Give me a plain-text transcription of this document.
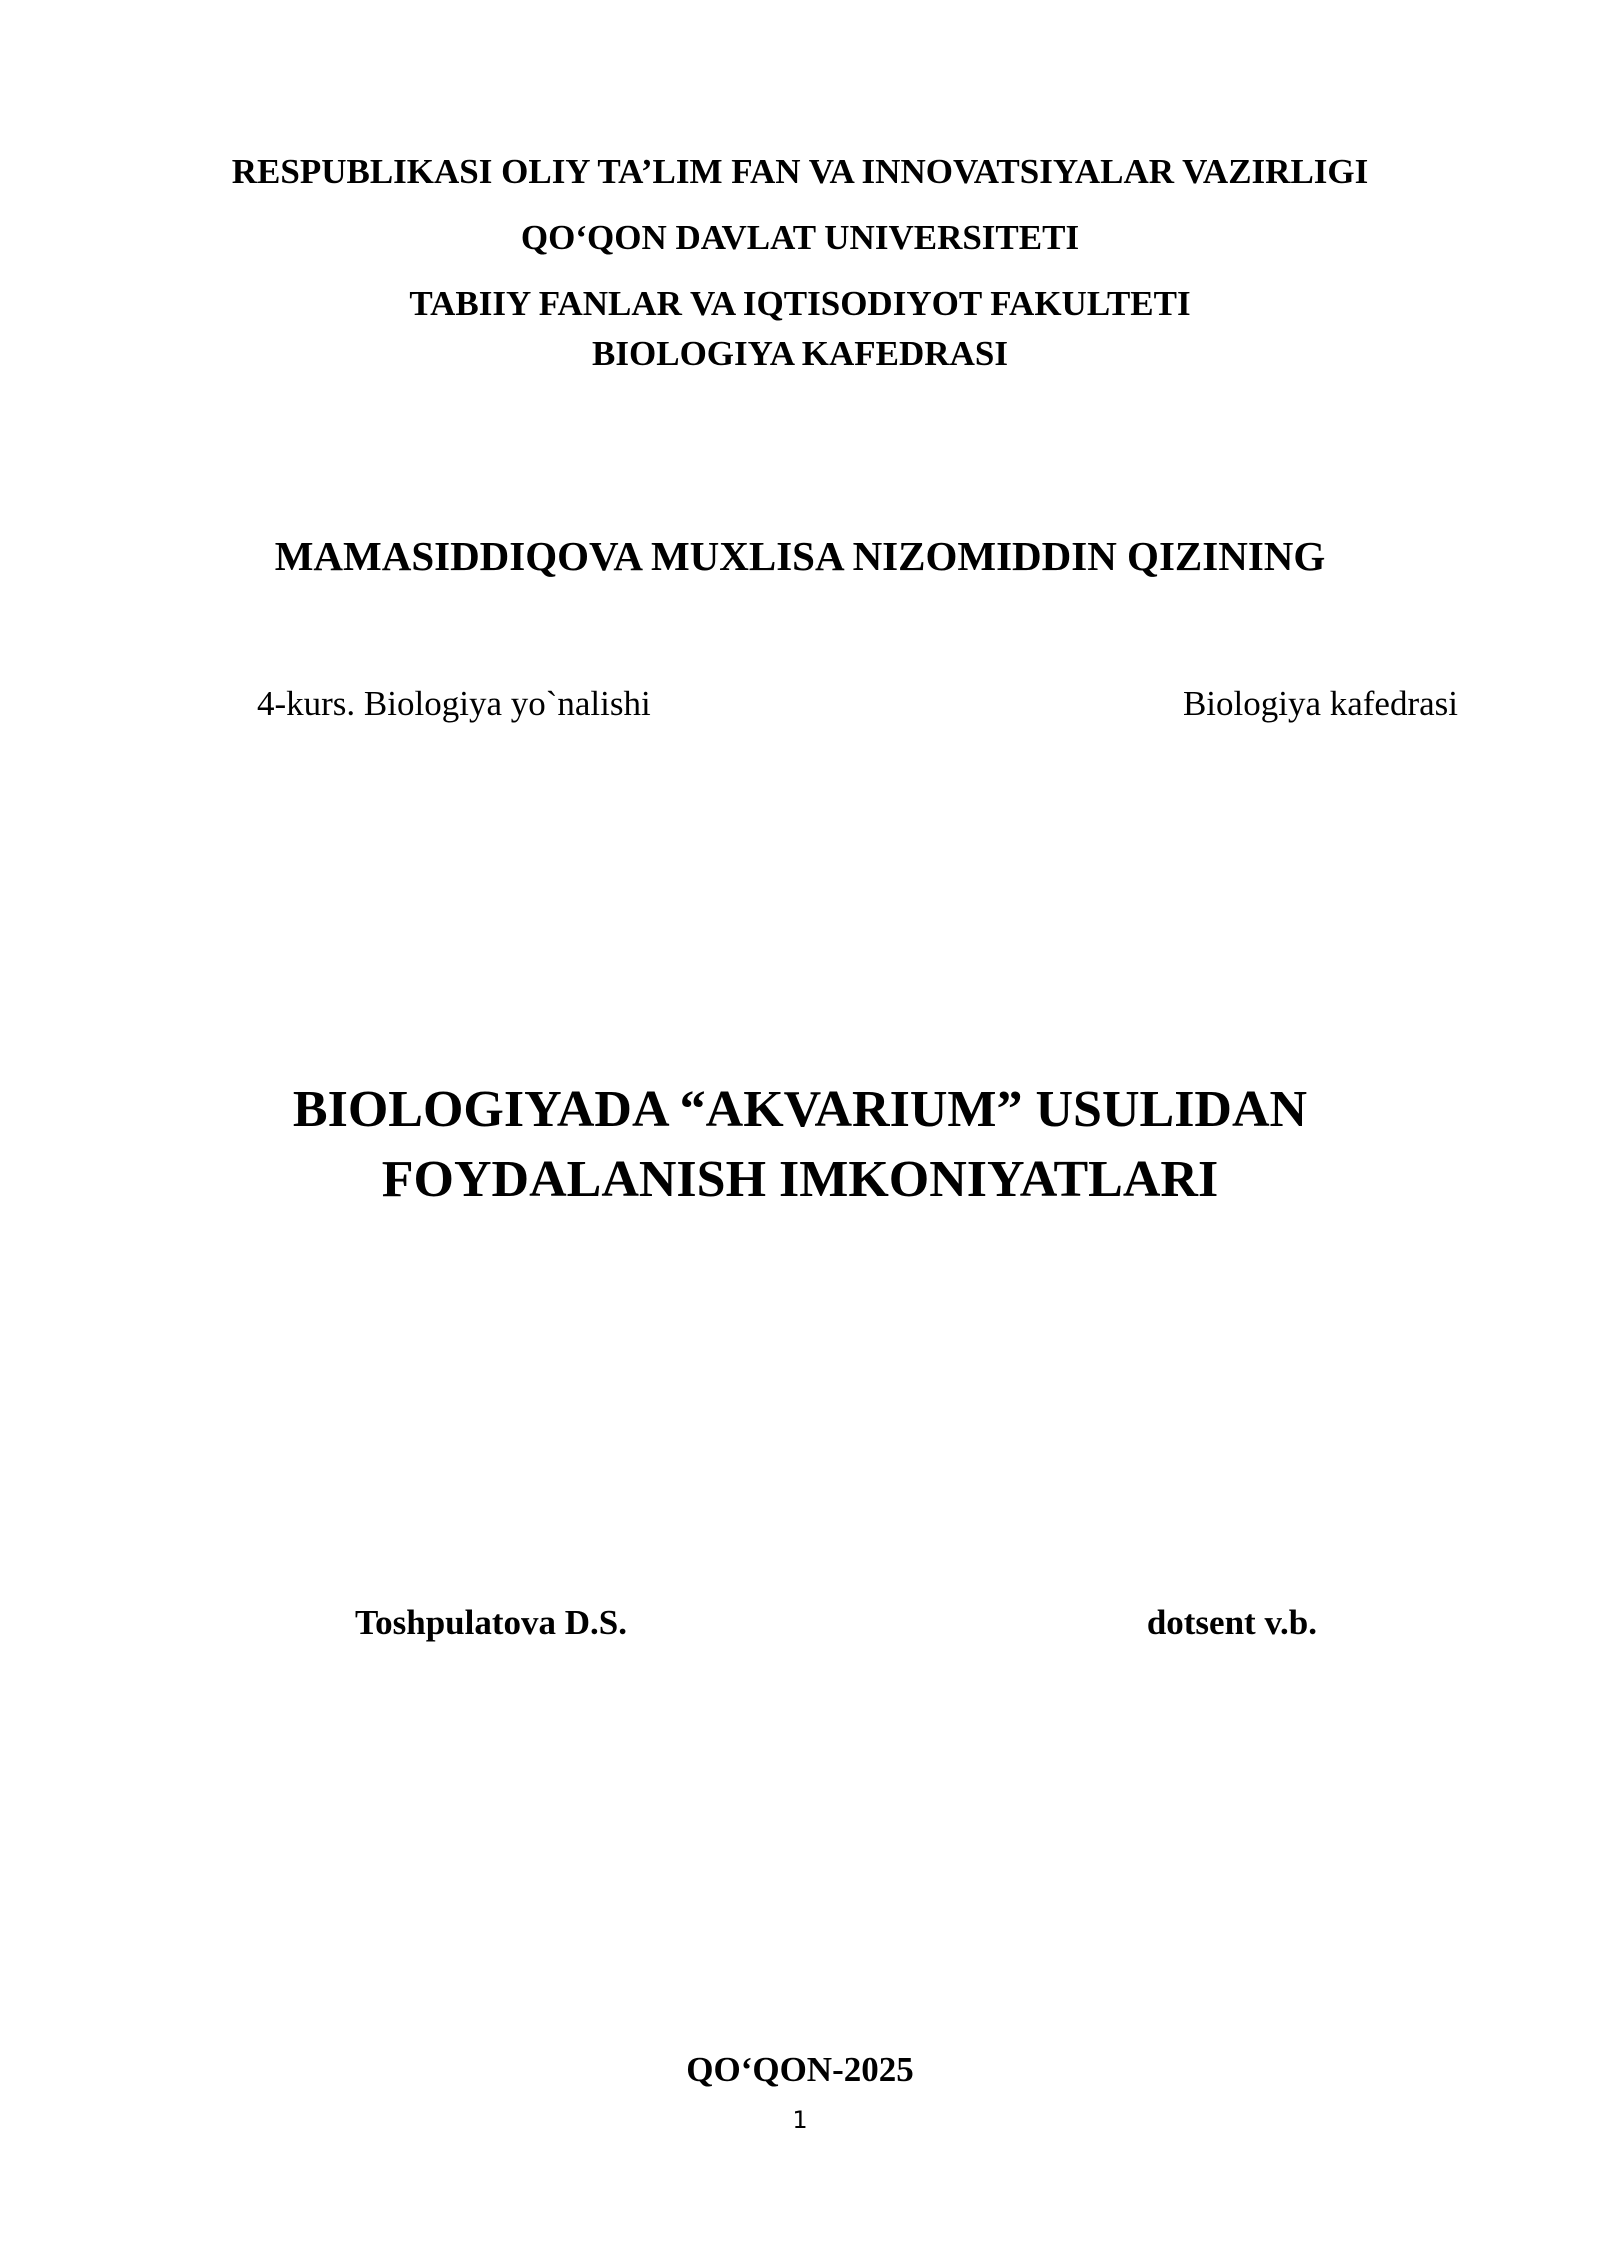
RESPUBLIKASI OLIY TA’LIM FAN VA INNOVATSIYALAR VAZIRLIGI
QO‘QON DAVLAT UNIVERSITETI
TABIIY FANLAR VA IQTISODIYOT FAKULTETI
BIOLOGIYA KAFEDRASI
MAMASIDDIQOVA MUXLISA NIZOMIDDIN QIZINING
4-kurs. Biologiya yo`nalishi	Biologiya kafedrasi
BIOLOGIYADA “AKVARIUM” USULIDAN
FOYDALANISH IMKONIYATLARI
Toshpulatova D.S.	dotsent v.b.
QO‘QON-2025
1
